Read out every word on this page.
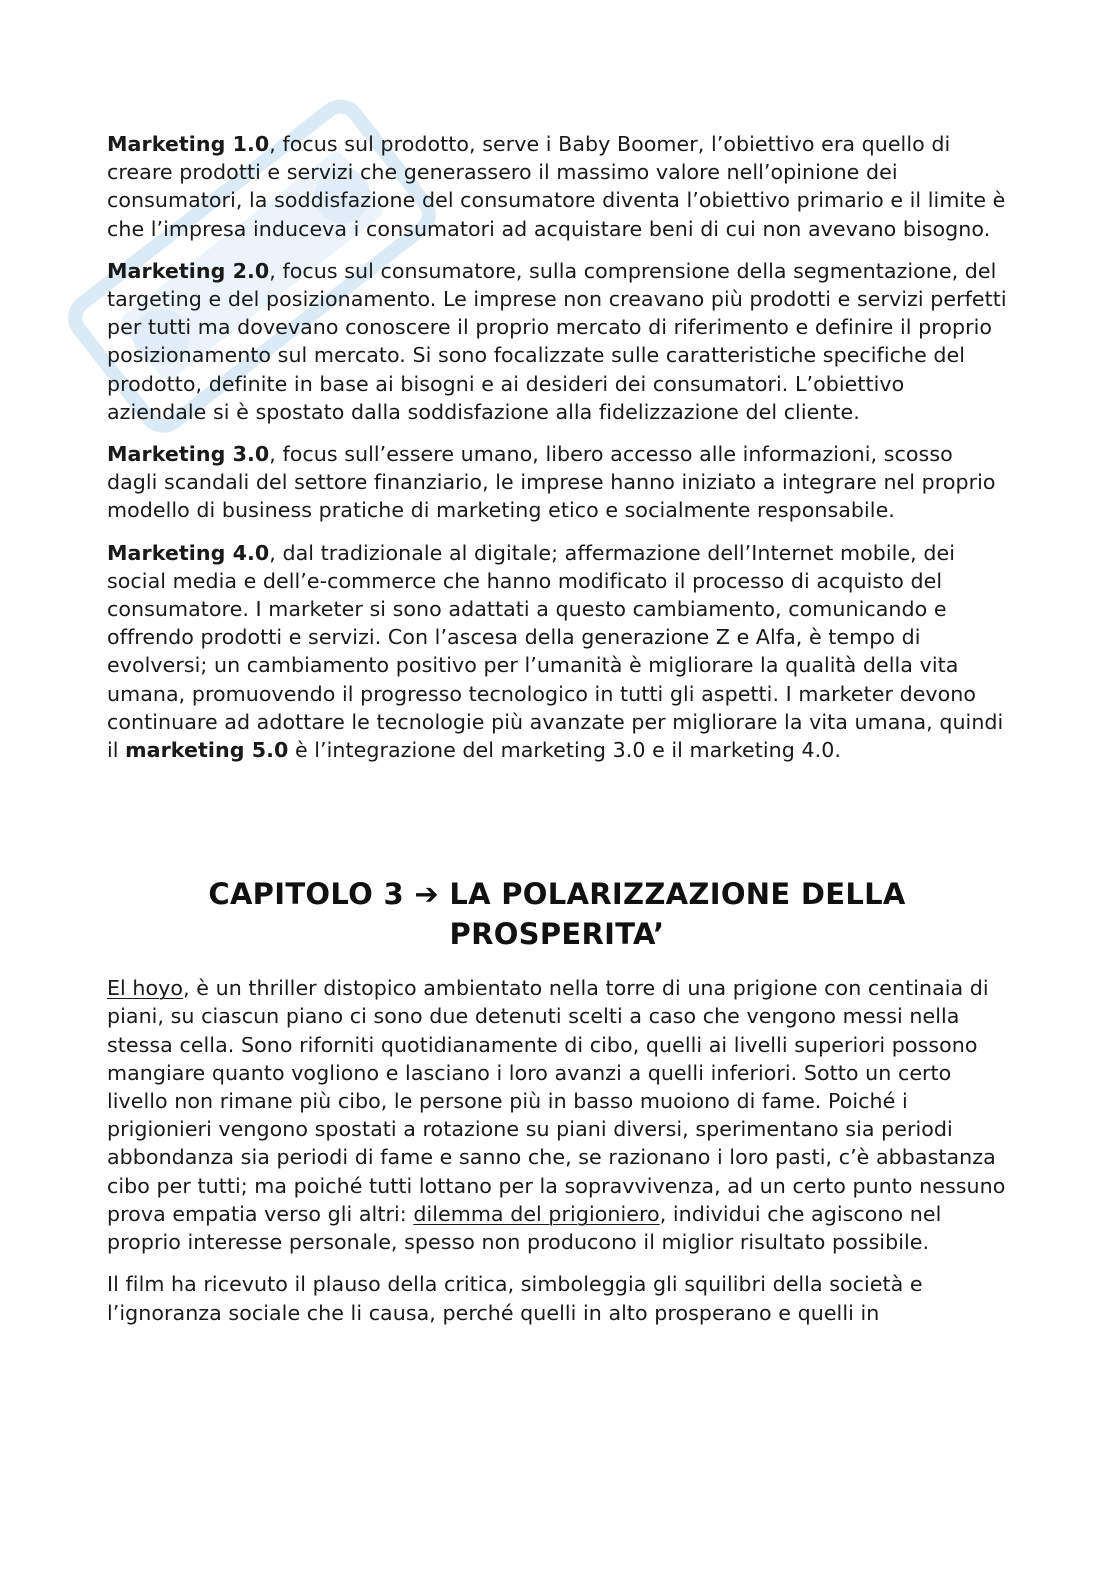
Marketing 1.0, focus sul prodotto, serve i Baby Boomer, l’obiettivo era quello di creare prodotti e servizi che generassero il massimo valore nell’opinione dei consumatori, la soddisfazione del consumatore diventa l’obiettivo primario e il limite è che l’impresa induceva i consumatori ad acquistare beni di cui non avevano bisogno.

Marketing 2.0, focus sul consumatore, sulla comprensione della segmentazione, del targeting e del posizionamento. Le imprese non creavano più prodotti e servizi perfetti per tutti ma dovevano conoscere il proprio mercato di riferimento e definire il proprio posizionamento sul mercato. Si sono focalizzate sulle caratteristiche specifiche del prodotto, definite in base ai bisogni e ai desideri dei consumatori. L’obiettivo aziendale si è spostato dalla soddisfazione alla fidelizzazione del cliente.

Marketing 3.0, focus sull’essere umano, libero accesso alle informazioni, scosso dagli scandali del settore finanziario, le imprese hanno iniziato a integrare nel proprio modello di business pratiche di marketing etico e socialmente responsabile.

Marketing 4.0, dal tradizionale al digitale; affermazione dell’Internet mobile, dei social media e dell’e-commerce che hanno modificato il processo di acquisto del consumatore. I marketer si sono adattati a questo cambiamento, comunicando e offrendo prodotti e servizi. Con l’ascesa della generazione Z e Alfa, è tempo di evolversi; un cambiamento positivo per l’umanità è migliorare la qualità della vita umana, promuovendo il progresso tecnologico in tutti gli aspetti. I marketer devono continuare ad adottare le tecnologie più avanzate per migliorare la vita umana, quindi il marketing 5.0 è l’integrazione del marketing 3.0 e il marketing 4.0.

CAPITOLO 3 ➔ LA POLARIZZAZIONE DELLA PROSPERITA’

El hoyo, è un thriller distopico ambientato nella torre di una prigione con centinaia di piani, su ciascun piano ci sono due detenuti scelti a caso che vengono messi nella stessa cella. Sono riforniti quotidianamente di cibo, quelli ai livelli superiori possono mangiare quanto vogliono e lasciano i loro avanzi a quelli inferiori. Sotto un certo livello non rimane più cibo, le persone più in basso muoiono di fame. Poiché i prigionieri vengono spostati a rotazione su piani diversi, sperimentano sia periodi abbondanza sia periodi di fame e sanno che, se razionano i loro pasti, c’è abbastanza cibo per tutti; ma poiché tutti lottano per la sopravvivenza, ad un certo punto nessuno prova empatia verso gli altri: dilemma del prigioniero, individui che agiscono nel proprio interesse personale, spesso non producono il miglior risultato possibile.

Il film ha ricevuto il plauso della critica, simboleggia gli squilibri della società e l’ignoranza sociale che li causa, perché quelli in alto prosperano e quelli in
